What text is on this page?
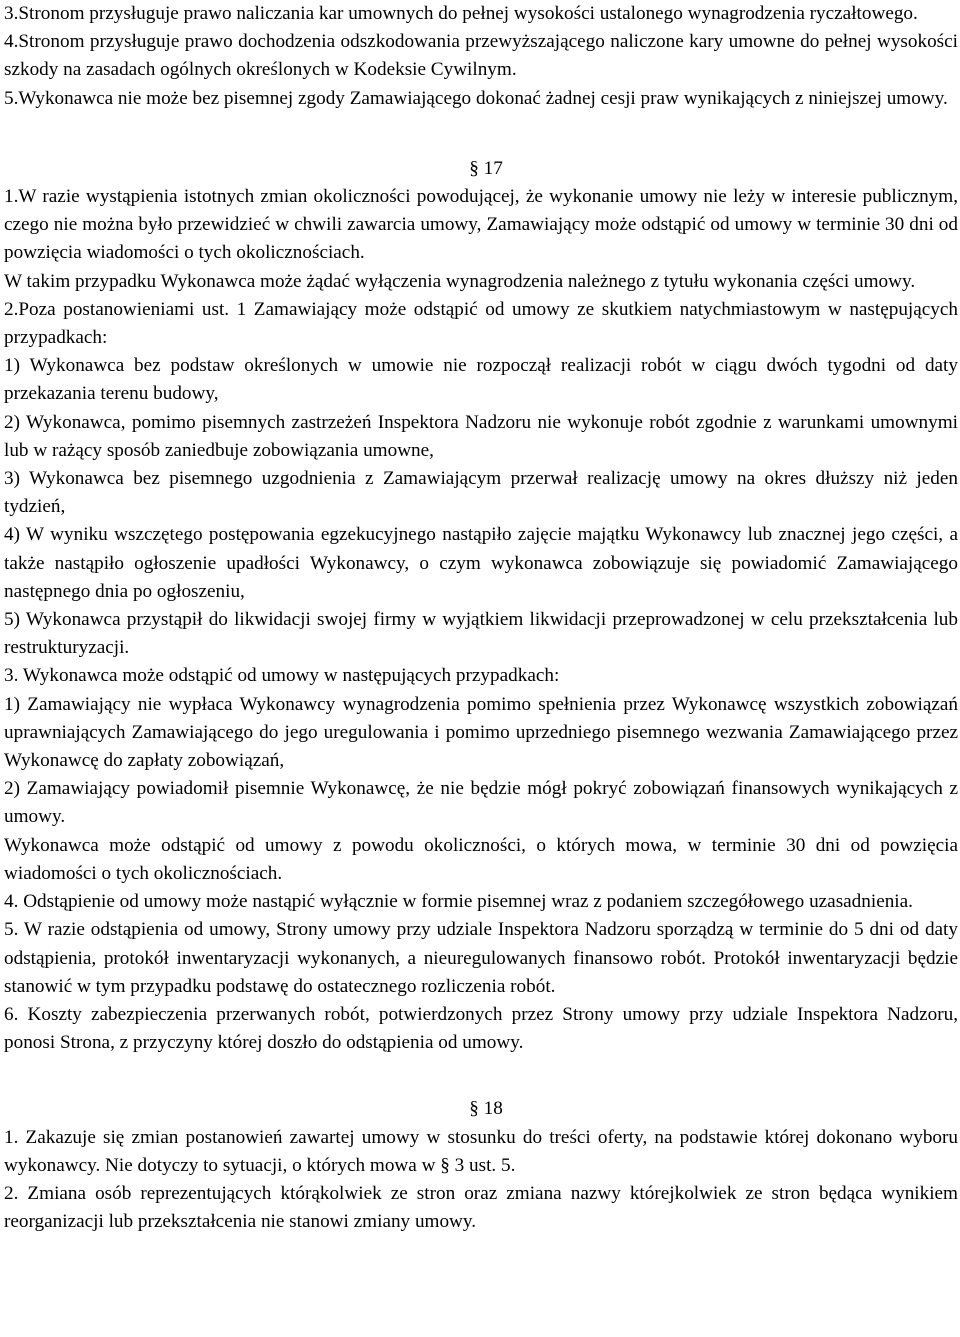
3.Stronom przysługuje prawo naliczania kar umownych do pełnej wysokości ustalonego wynagrodzenia ryczałtowego.

4.Stronom przysługuje prawo dochodzenia odszkodowania przewyższającego naliczone kary umowne do pełnej wysokości szkody na zasadach ogólnych określonych w Kodeksie Cywilnym.

5.Wykonawca nie może bez pisemnej zgody Zamawiającego dokonać żadnej cesji praw wynikających z niniejszej umowy.

§ 17

1.W razie wystąpienia istotnych zmian okoliczności powodującej, że wykonanie umowy nie leży w interesie publicznym, czego nie można było przewidzieć w chwili zawarcia umowy, Zamawiający może odstąpić od umowy w terminie 30 dni od powzięcia wiadomości o tych okolicznościach.

W takim przypadku Wykonawca może żądać wyłączenia wynagrodzenia należnego z tytułu wykonania części umowy.

2.Poza postanowieniami ust. 1 Zamawiający może odstąpić od umowy ze skutkiem natychmiastowym w następujących przypadkach:

1) Wykonawca bez podstaw określonych w umowie nie rozpoczął realizacji robót w ciągu dwóch tygodni od daty przekazania terenu budowy,

2) Wykonawca, pomimo pisemnych zastrzeżeń Inspektora Nadzoru nie wykonuje robót zgodnie z warunkami umownymi lub w rażący sposób zaniedbuje zobowiązania umowne,

3) Wykonawca bez pisemnego uzgodnienia z Zamawiającym przerwał realizację umowy na okres dłuższy niż jeden tydzień,

4) W wyniku wszczętego postępowania egzekucyjnego nastąpiło zajęcie majątku Wykonawcy lub znacznej jego części, a także nastąpiło ogłoszenie upadłości Wykonawcy, o czym wykonawca zobowiązuje się powiadomić Zamawiającego następnego dnia po ogłoszeniu,

5) Wykonawca przystąpił do likwidacji swojej firmy w wyjątkiem likwidacji przeprowadzonej w celu przekształcenia lub restrukturyzacji.

3. Wykonawca może odstąpić od umowy w następujących przypadkach:

1) Zamawiający nie wypłaca Wykonawcy wynagrodzenia pomimo spełnienia przez Wykonawcę wszystkich zobowiązań uprawniających Zamawiającego do jego uregulowania i pomimo uprzedniego pisemnego wezwania Zamawiającego przez Wykonawcę do zapłaty zobowiązań,

2) Zamawiający powiadomił pisemnie Wykonawcę, że nie będzie mógł pokryć zobowiązań finansowych wynikających z umowy.

Wykonawca może odstąpić od umowy z powodu okoliczności, o których mowa, w terminie 30 dni od powzięcia wiadomości o tych okolicznościach.

4. Odstąpienie od umowy może nastąpić wyłącznie w formie pisemnej wraz z podaniem szczegółowego uzasadnienia.

5. W razie odstąpienia od umowy, Strony umowy przy udziale Inspektora Nadzoru sporządzą w terminie do 5 dni od daty odstąpienia, protokół inwentaryzacji wykonanych, a nieuregulowanych finansowo robót. Protokół inwentaryzacji będzie stanowić w tym przypadku podstawę do ostatecznego rozliczenia robót.

6. Koszty zabezpieczenia przerwanych robót, potwierdzonych przez Strony umowy przy udziale Inspektora Nadzoru, ponosi Strona, z przyczyny której doszło do odstąpienia od umowy.

§ 18

1. Zakazuje się zmian postanowień zawartej umowy w stosunku do treści oferty, na podstawie której dokonano wyboru wykonawcy. Nie dotyczy to sytuacji, o których mowa w § 3 ust. 5.

2. Zmiana osób reprezentujących którąkolwiek ze stron oraz zmiana nazwy którejkolwiek ze stron będąca wynikiem reorganizacji lub przekształcenia nie stanowi zmiany umowy.
